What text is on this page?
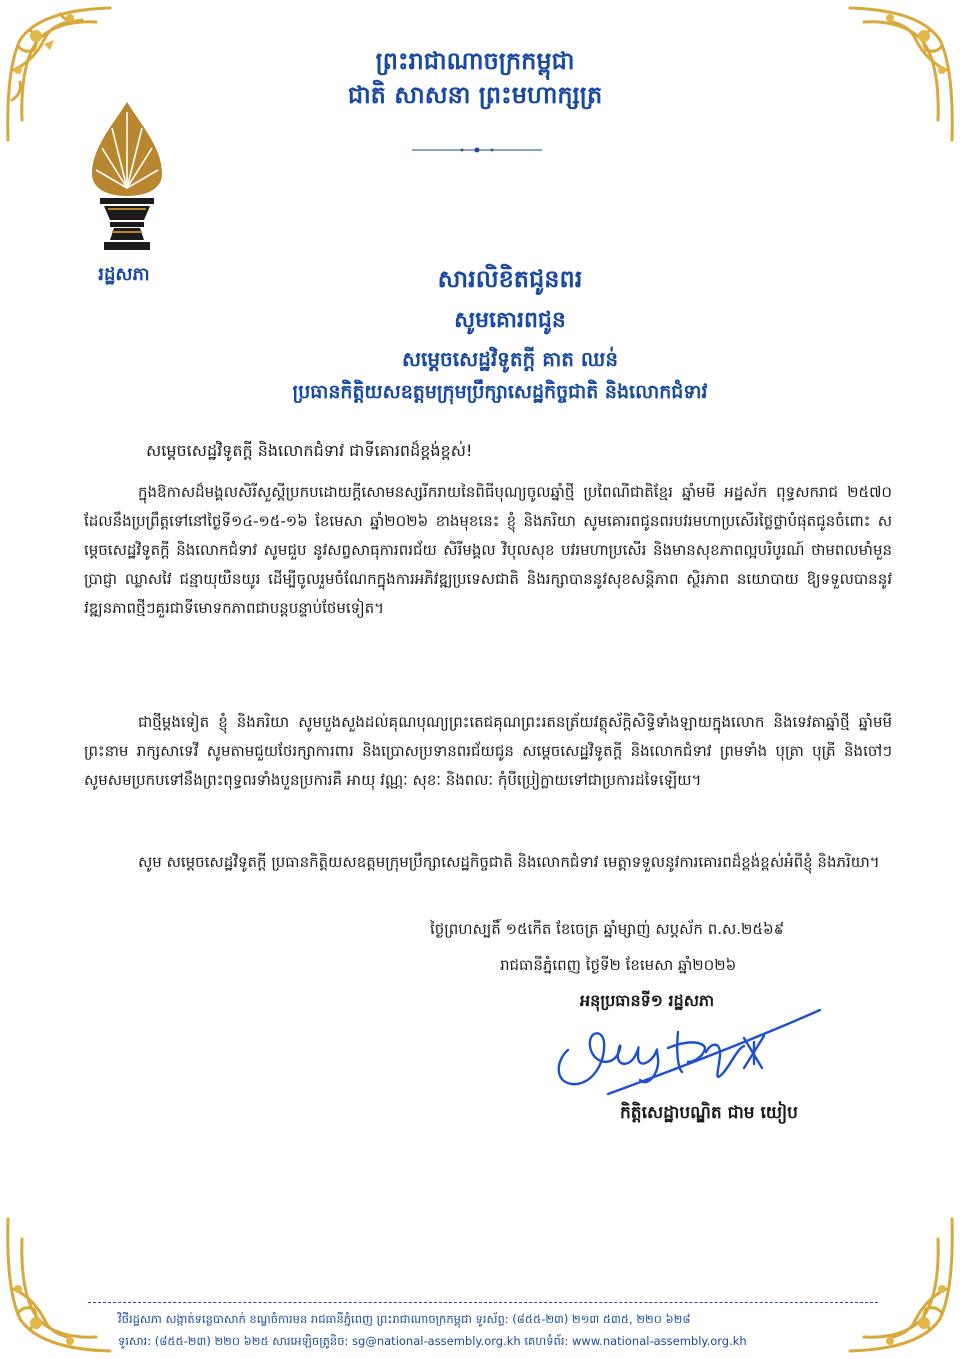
ព្រះរាជាណាចក្រកម្ពុជា
ជាតិ សាសនា ព្រះមហាក្សត្រ
រដ្ឋសភា	សារលិខិតជូនពរ
សូមគោរពជូន
សម្តេចសេដ្ឋវិទូតក្តី គាត ឈន់
ប្រធានកិត្តិយសឧត្តមក្រុមប្រឹក្សាសេដ្ឋកិច្ចជាតិ និងលោកជំទាវ
សម្តេចសេដ្ឋវិទូតក្តី និងលោកជំទាវ ជាទីគោរពដ៏ខ្ពង់ខ្ពស់!
ក្នុងឱកាសដ៏មង្គលសិរីសួស្តីប្រកបដោយក្តីសោមនស្សរីករាយនៃពិធីបុណ្យចូលឆ្នាំថ្មី ប្រពៃណីជាតិខ្មែរ ឆ្នាំមមី អដ្ឋស័ក ពុទ្ធសករាជ ២៥៧០ ដែលនឹងប្រព្រឹត្តទៅនៅថ្ងៃទី១៤-១៥-១៦ ខែមេសា ឆ្នាំ២០២៦ ខាងមុខនេះ ខ្ញុំ និងភរិយា សូមគោរពជូនពរបវរមហាប្រសើរថ្លៃថ្លាបំផុតជូនចំពោះ សម្តេចសេដ្ឋវិទូតក្តី និងលោកជំទាវ សូមជួប នូវសព្វសាធុការពរជ័យ សិរីមង្គល វិបុលសុខ បវរមហាប្រសើរ និងមានសុខភាពល្អបរិបូរណ៍ ថាមពលមាំមួន ប្រាជ្ញា ឈ្លាសវៃ ជន្មាយុយឺនយូរ ដើម្បីចូលរួមចំណែកក្នុងការអភិវឌ្ឍប្រទេសជាតិ និងរក្សាបាននូវសុខសន្តិភាព ស្ថិរភាព នយោបាយ ឱ្យទទួលបាននូវវឌ្ឍនភាពថ្មីៗគួរជាទីមោទកភាពជាបន្តបន្ទាប់ថែមទៀត។
ជាថ្មីម្តងទៀត ខ្ញុំ និងភរិយា សូមបួងសួងដល់គុណបុណ្យព្រះតេជគុណព្រះរតនត្រ័យវត្ថុស័ក្តិសិទ្ធិទាំងឡាយក្នុងលោក និងទេវតាឆ្នាំថ្មី ឆ្នាំមមី ព្រះនាម រាក្សសាទេវី សូមតាមជួយថែរក្សាការពារ និងប្រោសប្រទានពរជ័យជូន សម្តេចសេដ្ឋវិទូតក្តី និងលោកជំទាវ ព្រមទាំង បុត្រា បុត្រី និងចៅៗ សូមសមប្រកបទៅនឹងព្រះពុទ្ធពរទាំងបួនប្រការគឺ អាយុ វណ្ណៈ សុខៈ និងពលៈ កុំបីប្រៀក្លាយទៅជាប្រការដទៃឡើយ។
សូម សម្តេចសេដ្ឋវិទូតក្តី ប្រធានកិត្តិយសឧត្តមក្រុមប្រឹក្សាសេដ្ឋកិច្ចជាតិ និងលោកជំទាវ មេត្តាទទួលនូវការគោរពដ៏ខ្ពង់ខ្ពស់អំពីខ្ញុំ និងភរិយា។
ថ្ងៃព្រហស្បតិ៍ ១៥កើត ខែចេត្រ ឆ្នាំម្សាញ់ សប្តស័ក ព.ស.២៥៦៩
រាជធានីភ្នំពេញ ថ្ងៃទី២ ខែមេសា ឆ្នាំ២០២៦
អនុប្រធានទី១ រដ្ឋសភា
កិត្តិសេដ្ឋាបណ្ឌិត ជាម យៀប
វិថីរដ្ឋសភា សង្កាត់ទន្លេបាសាក់ ខណ្ឌចំការមន រាជធានីភ្នំពេញ ព្រះរាជាណាចក្រកម្ពុជា ទូរស័ព្ទ: (៨៥៥-២៣) ២១៣ ៥៣៥, ២២០ ៦២៨
ទូរសារ: (៨៥៥-២៣) ២២០ ៦២៥ សារអេឡិចត្រូនិច: sg@national-assembly.org.kh គេហទំព័រ: www.national-assembly.org.kh
